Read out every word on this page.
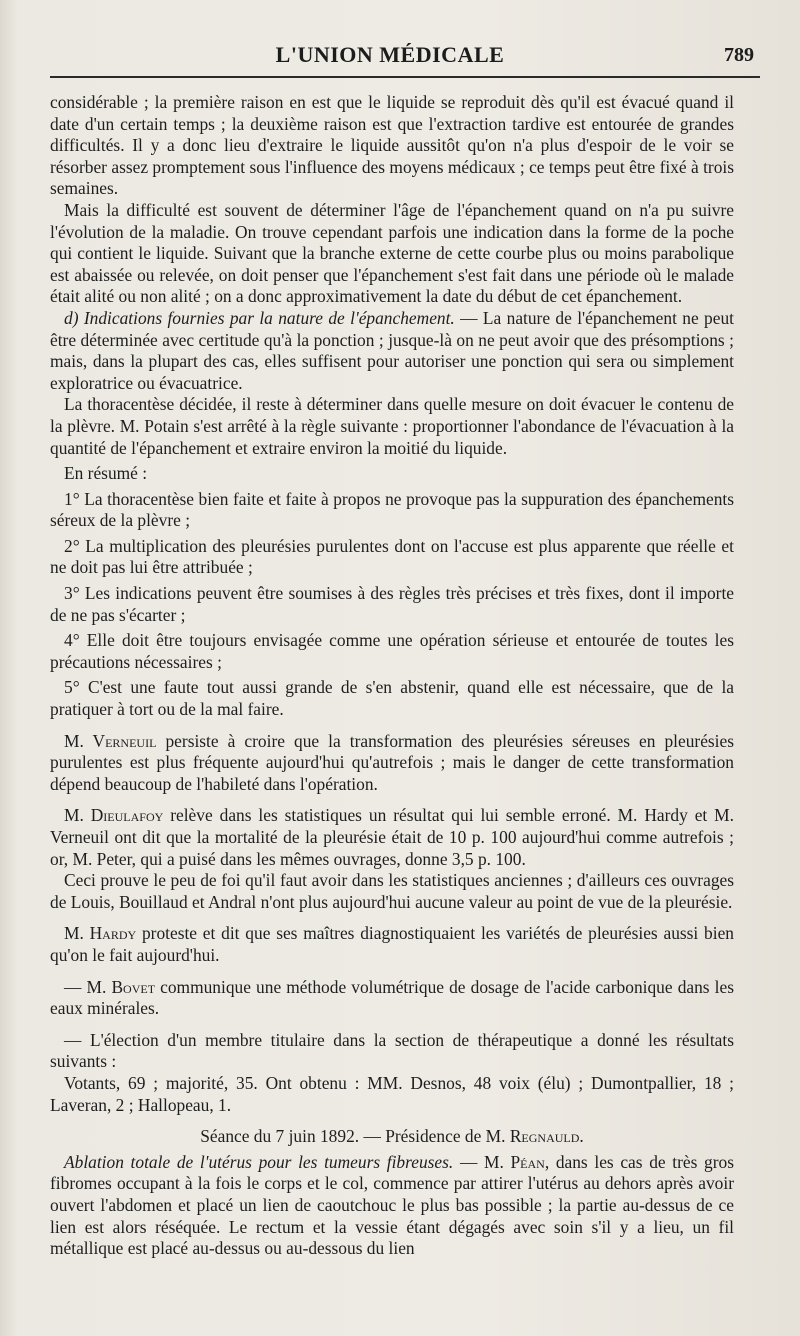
L'UNION MÉDICALE	789

considérable ; la première raison en est que le liquide se reproduit dès qu'il est évacué quand il date d'un certain temps ; la deuxième raison est que l'extraction tardive est entourée de grandes difficultés. Il y a donc lieu d'extraire le liquide aussitôt qu'on n'a plus d'espoir de le voir se résorber assez promptement sous l'influence des moyens médicaux ; ce temps peut être fixé à trois semaines.

Mais la difficulté est souvent de déterminer l'âge de l'épanchement quand on n'a pu suivre l'évolution de la maladie. On trouve cependant parfois une indication dans la forme de la poche qui contient le liquide. Suivant que la branche externe de cette courbe plus ou moins parabolique est abaissée ou relevée, on doit penser que l'épanchement s'est fait dans une période où le malade était alité ou non alité ; on a donc approximativement la date du début de cet épanchement.

d) Indications fournies par la nature de l'épanchement. — La nature de l'épanchement ne peut être déterminée avec certitude qu'à la ponction ; jusque-là on ne peut avoir que des présomptions ; mais, dans la plupart des cas, elles suffisent pour autoriser une ponction qui sera ou simplement exploratrice ou évacuatrice.

La thoracentèse décidée, il reste à déterminer dans quelle mesure on doit évacuer le contenu de la plèvre. M. Potain s'est arrêté à la règle suivante : proportionner l'abondance de l'évacuation à la quantité de l'épanchement et extraire environ la moitié du liquide.

En résumé :

1° La thoracentèse bien faite et faite à propos ne provoque pas la suppuration des épanchements séreux de la plèvre ;

2° La multiplication des pleurésies purulentes dont on l'accuse est plus apparente que réelle et ne doit pas lui être attribuée ;

3° Les indications peuvent être soumises à des règles très précises et très fixes, dont il importe de ne pas s'écarter ;

4° Elle doit être toujours envisagée comme une opération sérieuse et entourée de toutes les précautions nécessaires ;

5° C'est une faute tout aussi grande de s'en abstenir, quand elle est nécessaire, que de la pratiquer à tort ou de la mal faire.

M. Verneuil persiste à croire que la transformation des pleurésies séreuses en pleurésies purulentes est plus fréquente aujourd'hui qu'autrefois ; mais le danger de cette transformation dépend beaucoup de l'habileté dans l'opération.

M. Dieulafoy relève dans les statistiques un résultat qui lui semble erroné. M. Hardy et M. Verneuil ont dit que la mortalité de la pleurésie était de 10 p. 100 aujourd'hui comme autrefois ; or, M. Peter, qui a puisé dans les mêmes ouvrages, donne 3,5 p. 100.

Ceci prouve le peu de foi qu'il faut avoir dans les statistiques anciennes ; d'ailleurs ces ouvrages de Louis, Bouillaud et Andral n'ont plus aujourd'hui aucune valeur au point de vue de la pleurésie.

M. Hardy proteste et dit que ses maîtres diagnostiquaient les variétés de pleurésies aussi bien qu'on le fait aujourd'hui.

— M. Bovet communique une méthode volumétrique de dosage de l'acide carbonique dans les eaux minérales.

— L'élection d'un membre titulaire dans la section de thérapeutique a donné les résultats suivants :

Votants, 69 ; majorité, 35. Ont obtenu : MM. Desnos, 48 voix (élu) ; Dumontpallier, 18 ; Laveran, 2 ; Hallopeau, 1.

Séance du 7 juin 1892. — Présidence de M. Regnauld.

Ablation totale de l'utérus pour les tumeurs fibreuses. — M. Péan, dans les cas de très gros fibromes occupant à la fois le corps et le col, commence par attirer l'utérus au dehors après avoir ouvert l'abdomen et placé un lien de caoutchouc le plus bas possible ; la partie au-dessus de ce lien est alors réséquée. Le rectum et la vessie étant dégagés avec soin s'il y a lieu, un fil métallique est placé au-dessus ou au-dessous du lien
